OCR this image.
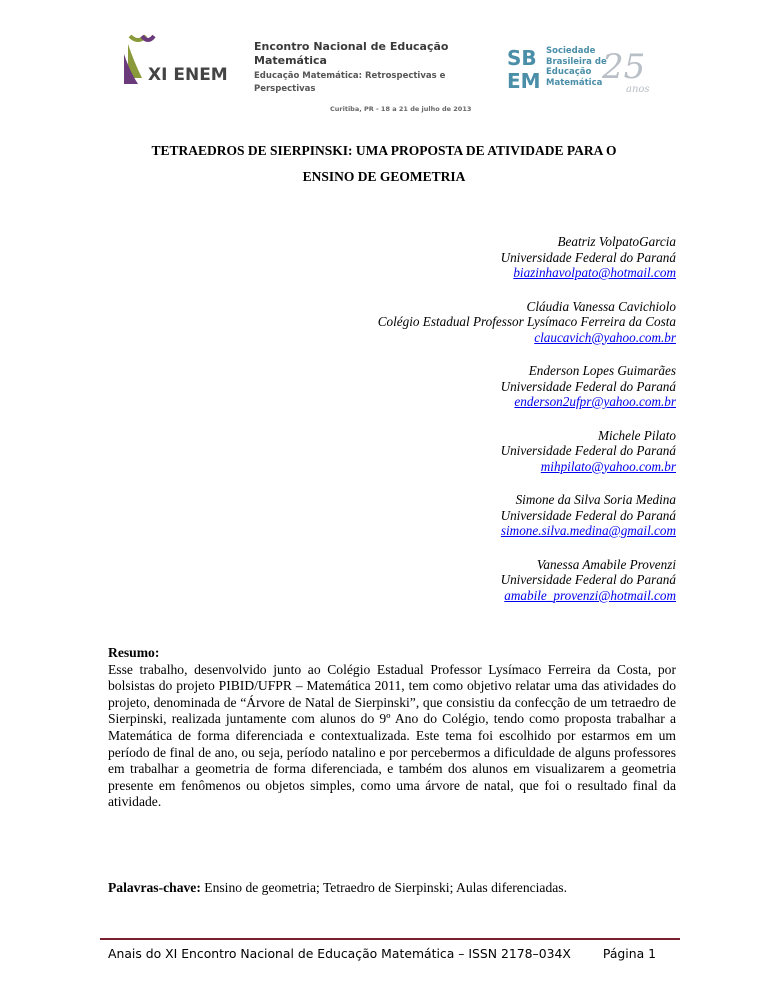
XI ENEM
Encontro Nacional de Educação Matemática
Educação Matemática: Retrospectivas e Perspectivas
Curitiba, PR - 18 a 21 de julho de 2013
SB
EM
Sociedade
Brasileira de
Educação
Matemática 25
anos
TETRAEDROS DE SIERPINSKI: UMA PROPOSTA DE ATIVIDADE PARA O
ENSINO DE GEOMETRIA
Beatriz VolpatoGarcia
Universidade Federal do Paraná
biazinhavolpato@hotmail.com
Cláudia Vanessa Cavichiolo
Colégio Estadual Professor Lysímaco Ferreira da Costa
claucavich@yahoo.com.br
Enderson Lopes Guimarães
Universidade Federal do Paraná
enderson2ufpr@yahoo.com.br
Michele Pilato
Universidade Federal do Paraná
mihpilato@yahoo.com.br
Simone da Silva Soria Medina
Universidade Federal do Paraná
simone.silva.medina@gmail.com
Vanessa Amabile Provenzi
Universidade Federal do Paraná
amabile_provenzi@hotmail.com
Resumo:
Esse trabalho, desenvolvido junto ao Colégio Estadual Professor Lysímaco Ferreira da Costa, por bolsistas do projeto PIBID/UFPR – Matemática 2011, tem como objetivo relatar uma das atividades do projeto, denominada de “Árvore de Natal de Sierpinski”, que consistiu da confecção de um tetraedro de Sierpinski, realizada juntamente com alunos do 9º Ano do Colégio, tendo como proposta trabalhar a Matemática de forma diferenciada e contextualizada. Este tema foi escolhido por estarmos em um período de final de ano, ou seja, período natalino e por percebermos a dificuldade de alguns professores em trabalhar a geometria de forma diferenciada, e também dos alunos em visualizarem a geometria presente em fenômenos ou objetos simples, como uma árvore de natal, que foi o resultado final da atividade.
Palavras-chave: Ensino de geometria; Tetraedro de Sierpinski; Aulas diferenciadas.
Anais do XI Encontro Nacional de Educação Matemática – ISSN 2178–034X	Página 1
